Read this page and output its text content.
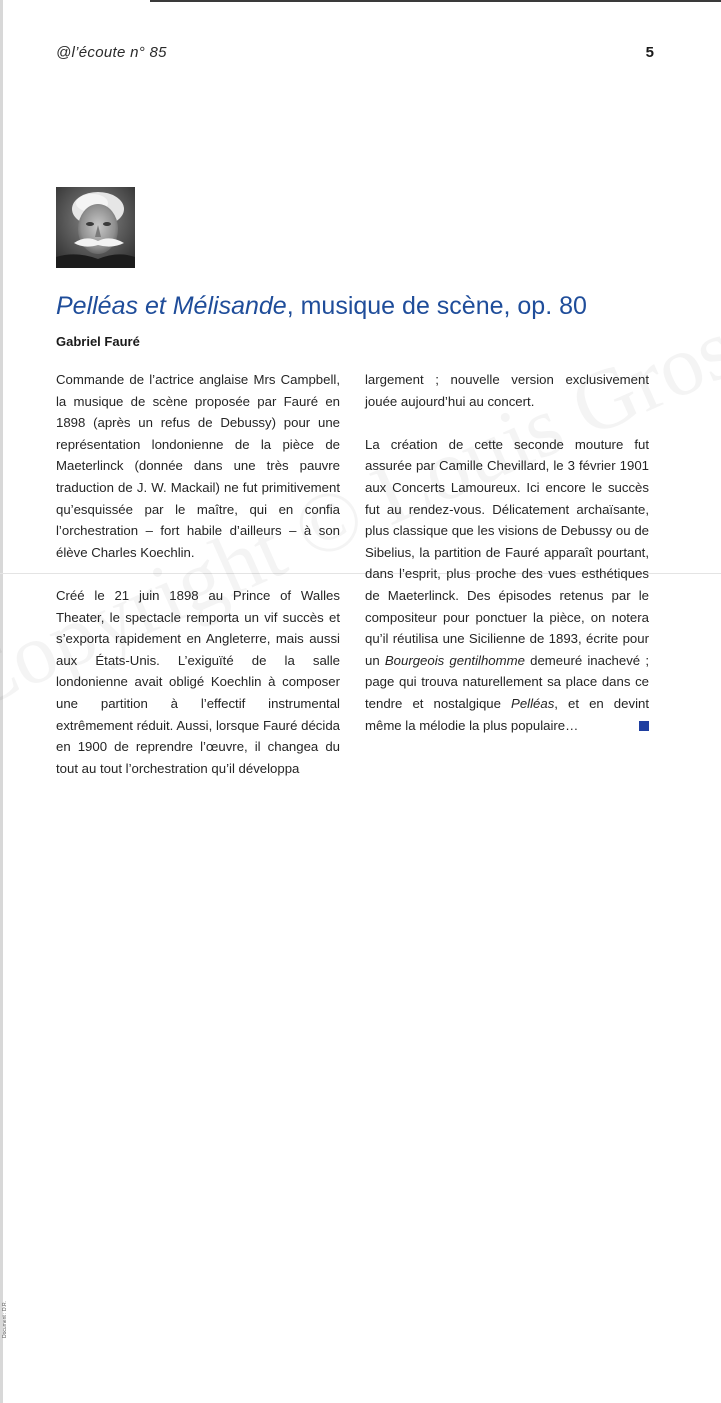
@l’écoute n° 85	5
Pelléas et Mélisande, musique de scène, op. 80
Gabriel Fauré

Commande de l’actrice anglaise Mrs Campbell, la musique de scène proposée par Fauré en 1898 (après un refus de Debussy) pour une représentation londonienne de la pièce de Maeterlinck (donnée dans une très pauvre traduction de J. W. Mackail) ne fut primitivement qu’esquissée par le maître, qui en confia l’orchestration – fort habile d’ailleurs – à son élève Charles Koechlin.

Créé le 21 juin 1898 au Prince of Walles Theater, le spectacle remporta un vif succès et s’exporta rapidement en Angleterre, mais aussi aux États-Unis. L’exiguïté de la salle londonienne avait obligé Koechlin à composer une partition à l’effectif instrumental extrêmement réduit. Aussi, lorsque Fauré décida en 1900 de reprendre l’œuvre, il changea du tout au tout l’orchestration qu’il développa

largement ; nouvelle version exclusivement jouée aujourd’hui au concert.

La création de cette seconde mouture fut assurée par Camille Chevillard, le 3 février 1901 aux Concerts Lamoureux. Ici encore le succès fut au rendez-vous. Délicatement archaïsante, plus classique que les visions de Debussy ou de Sibelius, la partition de Fauré apparaît pourtant, dans l’esprit, plus proche des vues esthétiques de Maeterlinck. Des épisodes retenus par le compositeur pour ponctuer la pièce, on notera qu’il réutilisa une Sicilienne de 1893, écrite pour un Bourgeois gentilhomme demeuré inachevé ; page qui trouva naturellement sa place dans ce tendre et nostalgique Pelléas, et en devint même la mélodie la plus populaire…

Document : D.R.
